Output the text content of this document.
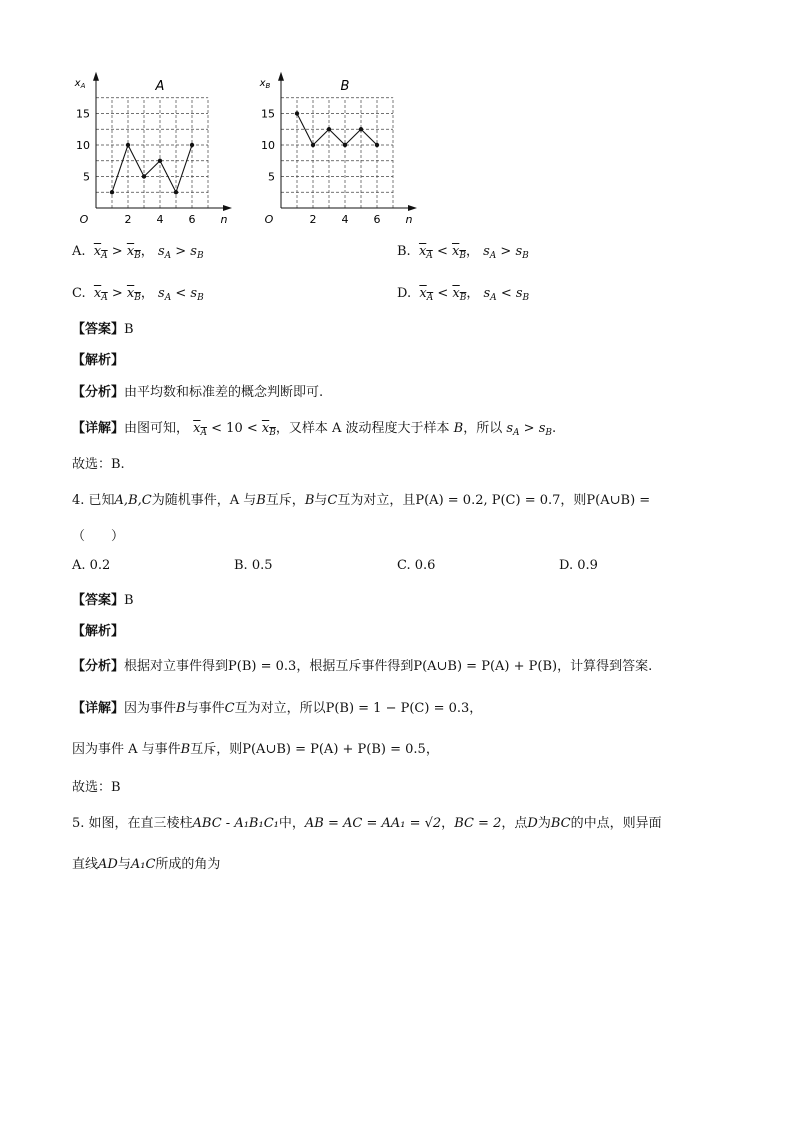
2 4 6
5
10
15
O	n
$x_A$	A
2 4 6
5
10
15
O	n
$x_B$	B
A. $x_A > x_B$， $s_A > s_B$	B. $x_A < x_B$， $s_A > s_B$
C. $x_A > x_B$， $s_A < s_B$	D. $x_A < x_B$， $s_A < s_B$
【答案】B
【解析】
【分析】由平均数和标准差的概念判断即可.
【详解】由图可知， $x_A < 10 < x_B$，又样本 A 波动程度大于样本 B，所以 $s_A > s_B$.
故选：B.
4. 已知A,B,C为随机事件，A 与B互斥，B与C互为对立，且P(A) = 0.2, P(C) = 0.7，则P(A∪B) =
（　　）
A. 0.2	B. 0.5	C. 0.6	D. 0.9
【答案】B
【解析】
【分析】根据对立事件得到P(B) = 0.3，根据互斥事件得到P(A∪B) = P(A) + P(B)，计算得到答案.
【详解】因为事件B与事件C互为对立，所以P(B) = 1 − P(C) = 0.3，
因为事件 A 与事件B互斥，则P(A∪B) = P(A) + P(B) = 0.5，
故选：B
5. 如图，在直三棱柱ABC - A₁B₁C₁中，AB = AC = AA₁ = √2，BC = 2，点D为BC的中点，则异面
直线AD与A₁C所成的角为
